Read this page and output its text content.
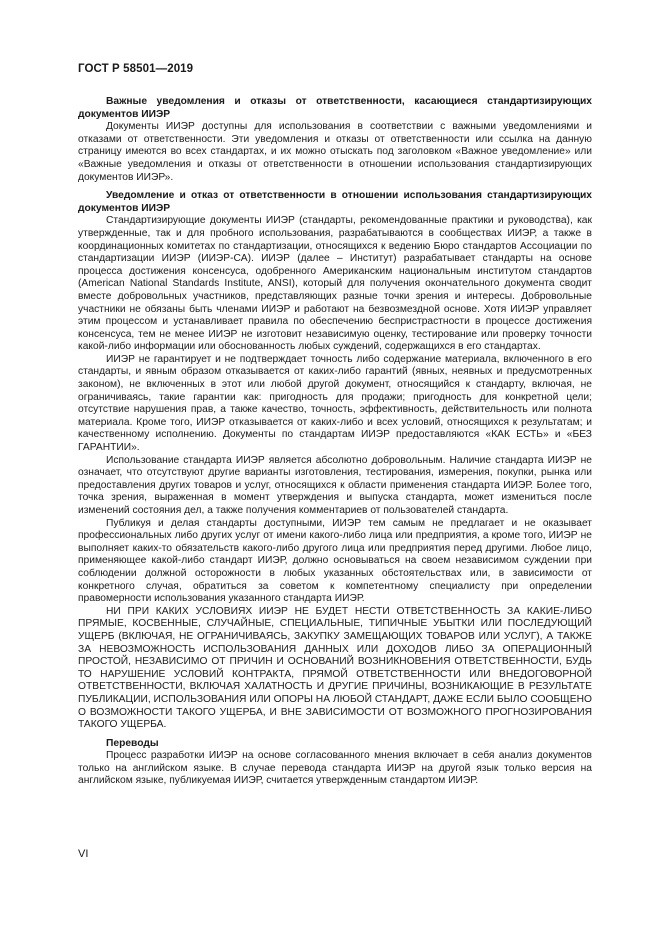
ГОСТ Р 58501—2019
Важные уведомления и отказы от ответственности, касающиеся стандартизирующих документов ИИЭР

Документы ИИЭР доступны для использования в соответствии с важными уведомлениями и отказами от ответственности. Эти уведомления и отказы от ответственности или ссылка на данную страницу имеются во всех стандартах, и их можно отыскать под заголовком «Важное уведомление» или «Важные уведомления и отказы от ответственности в отношении использования стандартизирующих документов ИИЭР».

Уведомление и отказ от ответственности в отношении использования стандартизирующих документов ИИЭР

Стандартизирующие документы ИИЭР (стандарты, рекомендованные практики и руководства), как утвержденные, так и для пробного использования, разрабатываются в сообществах ИИЭР, а также в координационных комитетах по стандартизации, относящихся к ведению Бюро стандартов Ассоциации по стандартизации ИИЭР (ИИЭР-СА). ИИЭР (далее – Институт) разрабатывает стандарты на основе процесса достижения консенсуса, одобренного Американским национальным институтом стандартов (American National Standards Institute, ANSI), который для получения окончательного документа сводит вместе добровольных участников, представляющих разные точки зрения и интересы. Добровольные участники не обязаны быть членами ИИЭР и работают на безвозмездной основе. Хотя ИИЭР управляет этим процессом и устанавливает правила по обеспечению беспристрастности в процессе достижения консенсуса, тем не менее ИИЭР не изготовит независимую оценку, тестирование или проверку точности какой-либо информации или обоснованность любых суждений, содержащихся в его стандартах.

ИИЭР не гарантирует и не подтверждает точность либо содержание материала, включенного в его стандарты, и явным образом отказывается от каких-либо гарантий (явных, неявных и предусмотренных законом), не включенных в этот или любой другой документ, относящийся к стандарту, включая, не ограничиваясь, такие гарантии как: пригодность для продажи; пригодность для конкретной цели; отсутствие нарушения прав, а также качество, точность, эффективность, действительность или полнота материала. Кроме того, ИИЭР отказывается от каких-либо и всех условий, относящихся к результатам; и качественному исполнению. Документы по стандартам ИИЭР предоставляются «КАК ЕСТЬ» и «БЕЗ ГАРАНТИИ».

Использование стандарта ИИЭР является абсолютно добровольным. Наличие стандарта ИИЭР не означает, что отсутствуют другие варианты изготовления, тестирования, измерения, покупки, рынка или предоставления других товаров и услуг, относящихся к области применения стандарта ИИЭР. Более того, точка зрения, выраженная в момент утверждения и выпуска стандарта, может измениться после изменений состояния дел, а также получения комментариев от пользователей стандарта.

Публикуя и делая стандарты доступными, ИИЭР тем самым не предлагает и не оказывает профессиональных либо других услуг от имени какого-либо лица или предприятия, а кроме того, ИИЭР не выполняет каких-то обязательств какого-либо другого лица или предприятия перед другими. Любое лицо, применяющее какой-либо стандарт ИИЭР, должно основываться на своем независимом суждении при соблюдении должной осторожности в любых указанных обстоятельствах или, в зависимости от конкретного случая, обратиться за советом к компетентному специалисту при определении правомерности использования указанного стандарта ИИЭР.

НИ ПРИ КАКИХ УСЛОВИЯХ ИИЭР НЕ БУДЕТ НЕСТИ ОТВЕТСТВЕННОСТЬ ЗА КАКИЕ-ЛИБО ПРЯМЫЕ, КОСВЕННЫЕ, СЛУЧАЙНЫЕ, СПЕЦИАЛЬНЫЕ, ТИПИЧНЫЕ УБЫТКИ ИЛИ ПОСЛЕДУЮЩИЙ УЩЕРБ (ВКЛЮЧАЯ, НЕ ОГРАНИЧИВАЯСЬ, ЗАКУПКУ ЗАМЕЩАЮЩИХ ТОВАРОВ ИЛИ УСЛУГ), А ТАКЖЕ ЗА НЕВОЗМОЖНОСТЬ ИСПОЛЬЗОВАНИЯ ДАННЫХ ИЛИ ДОХОДОВ ЛИБО ЗА ОПЕРАЦИОННЫЙ ПРОСТОЙ, НЕЗАВИСИМО ОТ ПРИЧИН И ОСНОВАНИЙ ВОЗНИКНОВЕНИЯ ОТВЕТСТВЕННОСТИ, БУДЬ ТО НАРУШЕНИЕ УСЛОВИЙ КОНТРАКТА, ПРЯМОЙ ОТВЕТСТВЕННОСТИ ИЛИ ВНЕДОГОВОРНОЙ ОТВЕТСТВЕННОСТИ, ВКЛЮЧАЯ ХАЛАТНОСТЬ И ДРУГИЕ ПРИЧИНЫ, ВОЗНИКАЮЩИЕ В РЕЗУЛЬТАТЕ ПУБЛИКАЦИИ, ИСПОЛЬЗОВАНИЯ ИЛИ ОПОРЫ НА ЛЮБОЙ СТАНДАРТ, ДАЖЕ ЕСЛИ БЫЛО СООБЩЕНО О ВОЗМОЖНОСТИ ТАКОГО УЩЕРБА, И ВНЕ ЗАВИСИМОСТИ ОТ ВОЗМОЖНОГО ПРОГНОЗИРОВАНИЯ ТАКОГО УЩЕРБА.

Переводы

Процесс разработки ИИЭР на основе согласованного мнения включает в себя анализ документов только на английском языке. В случае перевода стандарта ИИЭР на другой язык только версия на английском языке, публикуемая ИИЭР, считается утвержденным стандартом ИИЭР.

VI
